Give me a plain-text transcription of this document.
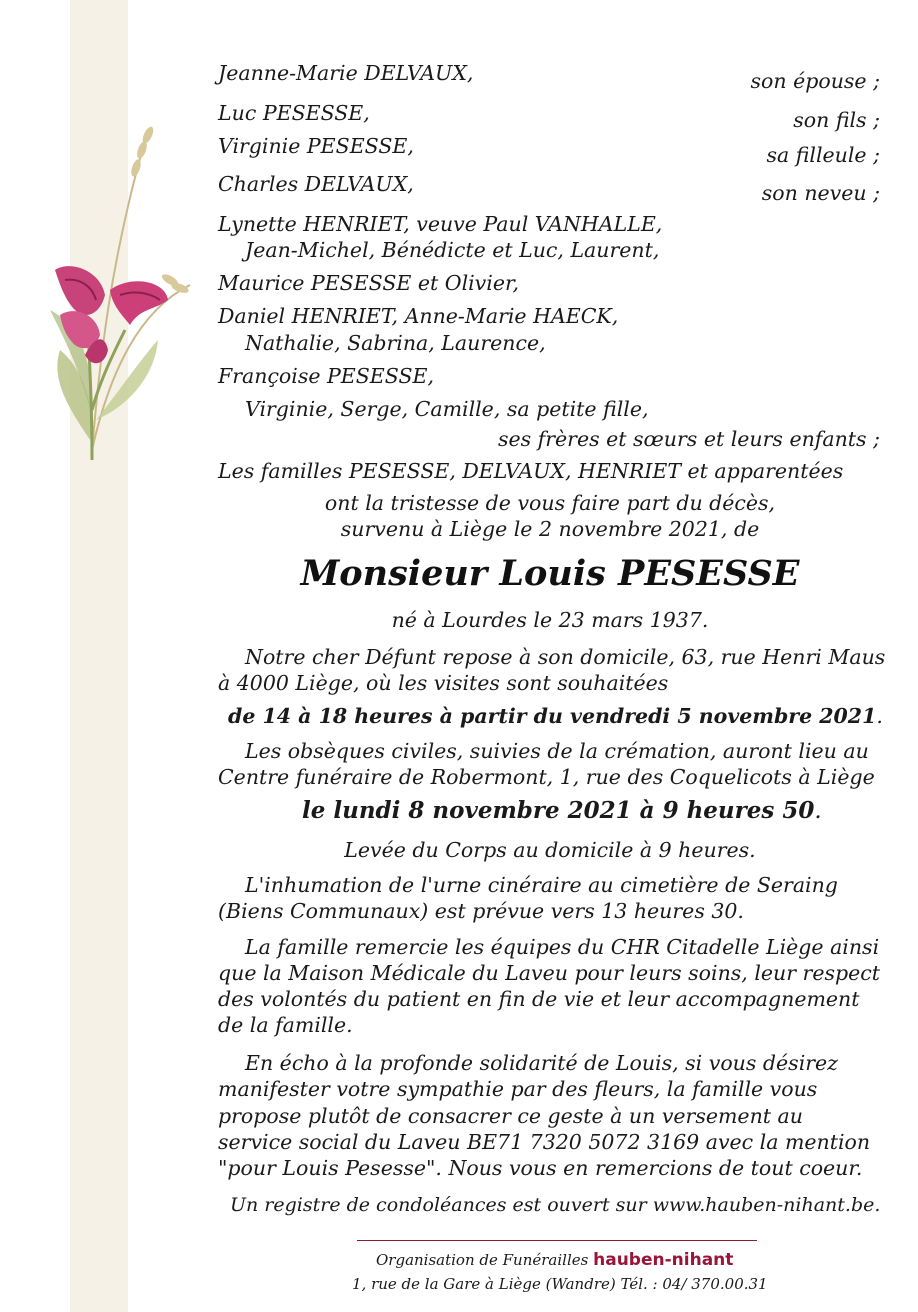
Jeanne-Marie DELVAUX,	son épouse ;
Luc PESESSE,	son fils ;
Virginie PESESSE,	sa filleule ;
Charles DELVAUX,	son neveu ;
Lynette HENRIET, veuve Paul VANHALLE,
Jean-Michel, Bénédicte et Luc, Laurent,
Maurice PESESSE et Olivier,
Daniel HENRIET, Anne-Marie HAECK,
Nathalie, Sabrina, Laurence,
Françoise PESESSE,
Virginie, Serge, Camille, sa petite fille,
ses frères et sœurs et leurs enfants ;
Les familles PESESSE, DELVAUX, HENRIET et apparentées
ont la tristesse de vous faire part du décès,
survenu à Liège le 2 novembre 2021, de
Monsieur Louis PESESSE
né à Lourdes le 23 mars 1937.
Notre cher Défunt repose à son domicile, 63, rue Henri Maus
à 4000 Liège, où les visites sont souhaitées
de 14 à 18 heures à partir du vendredi 5 novembre 2021.
Les obsèques civiles, suivies de la crémation, auront lieu au
Centre funéraire de Robermont, 1, rue des Coquelicots à Liège
le lundi 8 novembre 2021 à 9 heures 50.
Levée du Corps au domicile à 9 heures.
L'inhumation de l'urne cinéraire au cimetière de Seraing
(Biens Communaux) est prévue vers 13 heures 30.
La famille remercie les équipes du CHR Citadelle Liège ainsi
que la Maison Médicale du Laveu pour leurs soins, leur respect
des volontés du patient en fin de vie et leur accompagnement
de la famille.
En écho à la profonde solidarité de Louis, si vous désirez
manifester votre sympathie par des fleurs, la famille vous
propose plutôt de consacrer ce geste à un versement au
service social du Laveu BE71 7320 5072 3169 avec la mention
"pour Louis Pesesse". Nous vous en remercions de tout coeur.
Un registre de condoléances est ouvert sur www.hauben-nihant.be.
Organisation de Funérailles hauben-nihant
1, rue de la Gare à Liège (Wandre) Tél. : 04/ 370.00.31
